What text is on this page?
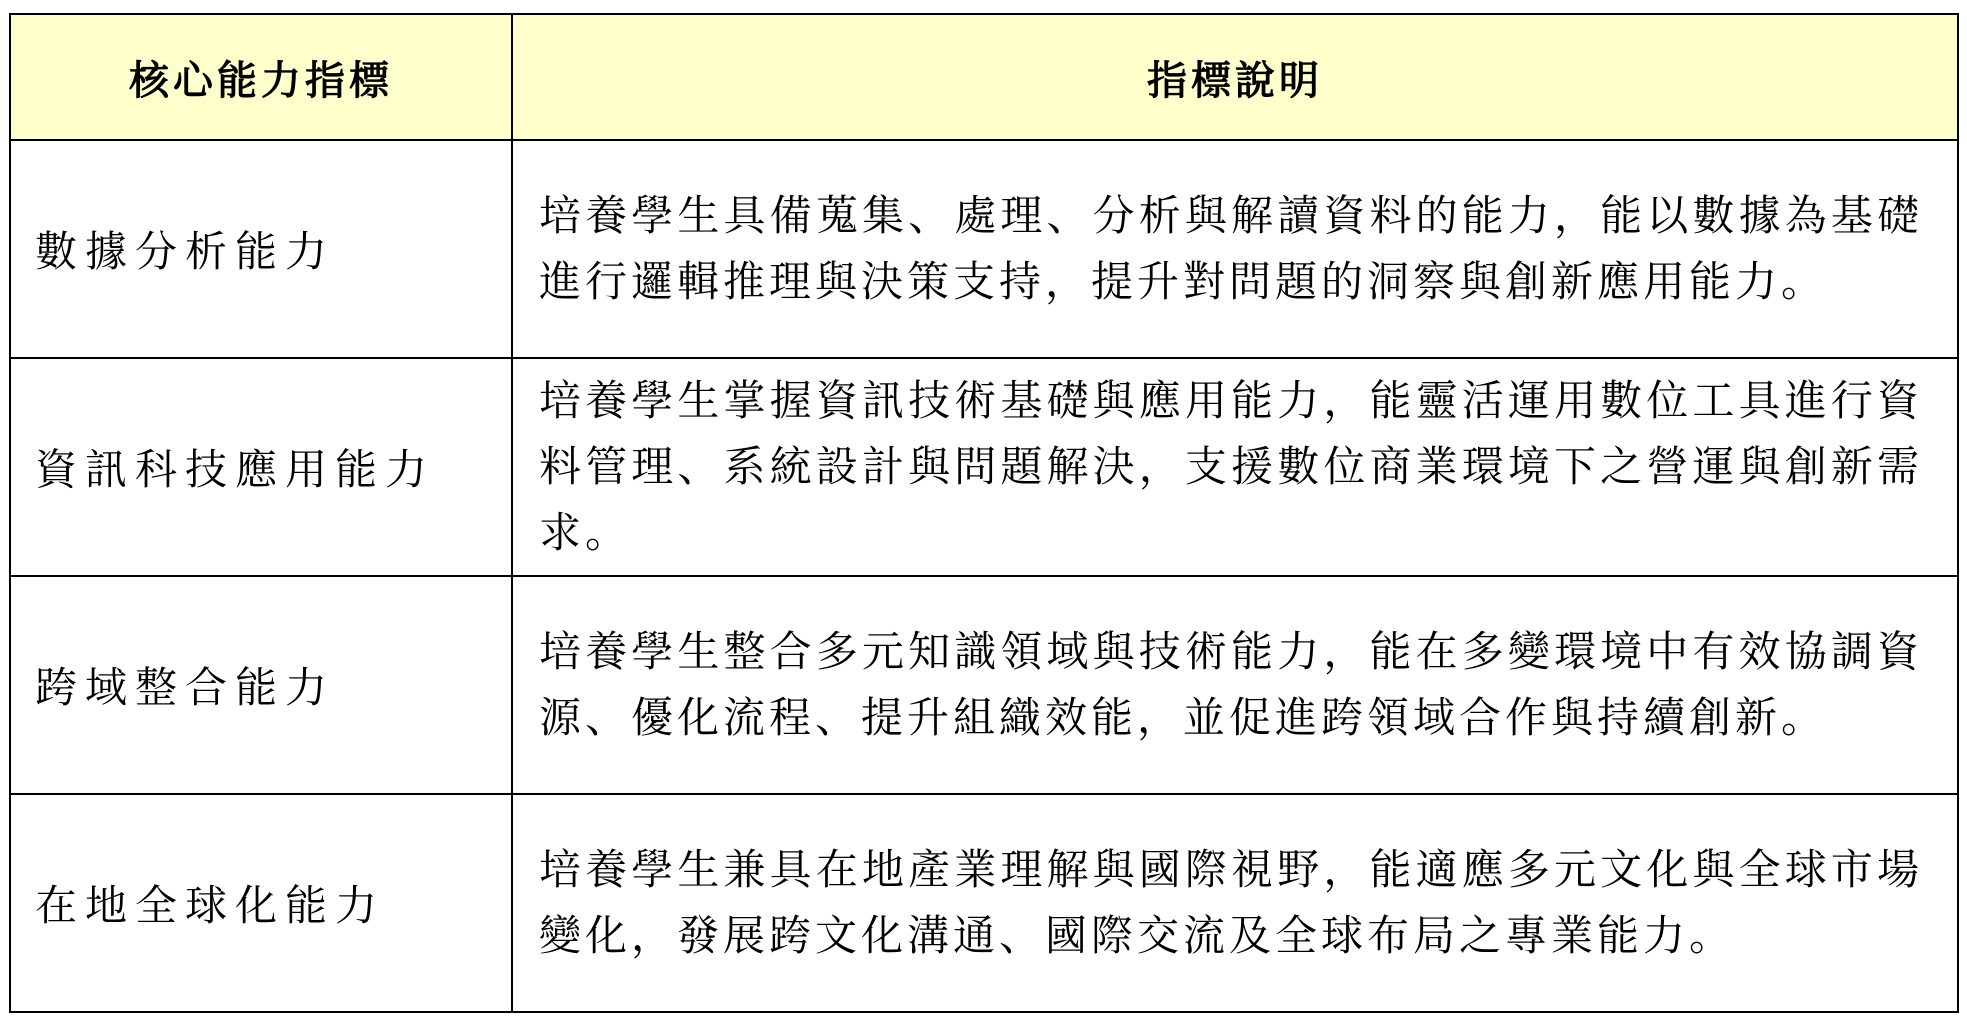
核心能力指標	指標說明
數據分析能力	培養學生具備蒐集、處理、分析與解讀資料的能力，能以數據為基礎進行邏輯推理與決策支持，提升對問題的洞察與創新應用能力。
資訊科技應用能力	培養學生掌握資訊技術基礎與應用能力，能靈活運用數位工具進行資料管理、系統設計與問題解決，支援數位商業環境下之營運與創新需求。
跨域整合能力	培養學生整合多元知識領域與技術能力，能在多變環境中有效協調資源、優化流程、提升組織效能，並促進跨領域合作與持續創新。
在地全球化能力	培養學生兼具在地產業理解與國際視野，能適應多元文化與全球市場變化，發展跨文化溝通、國際交流及全球布局之專業能力。
